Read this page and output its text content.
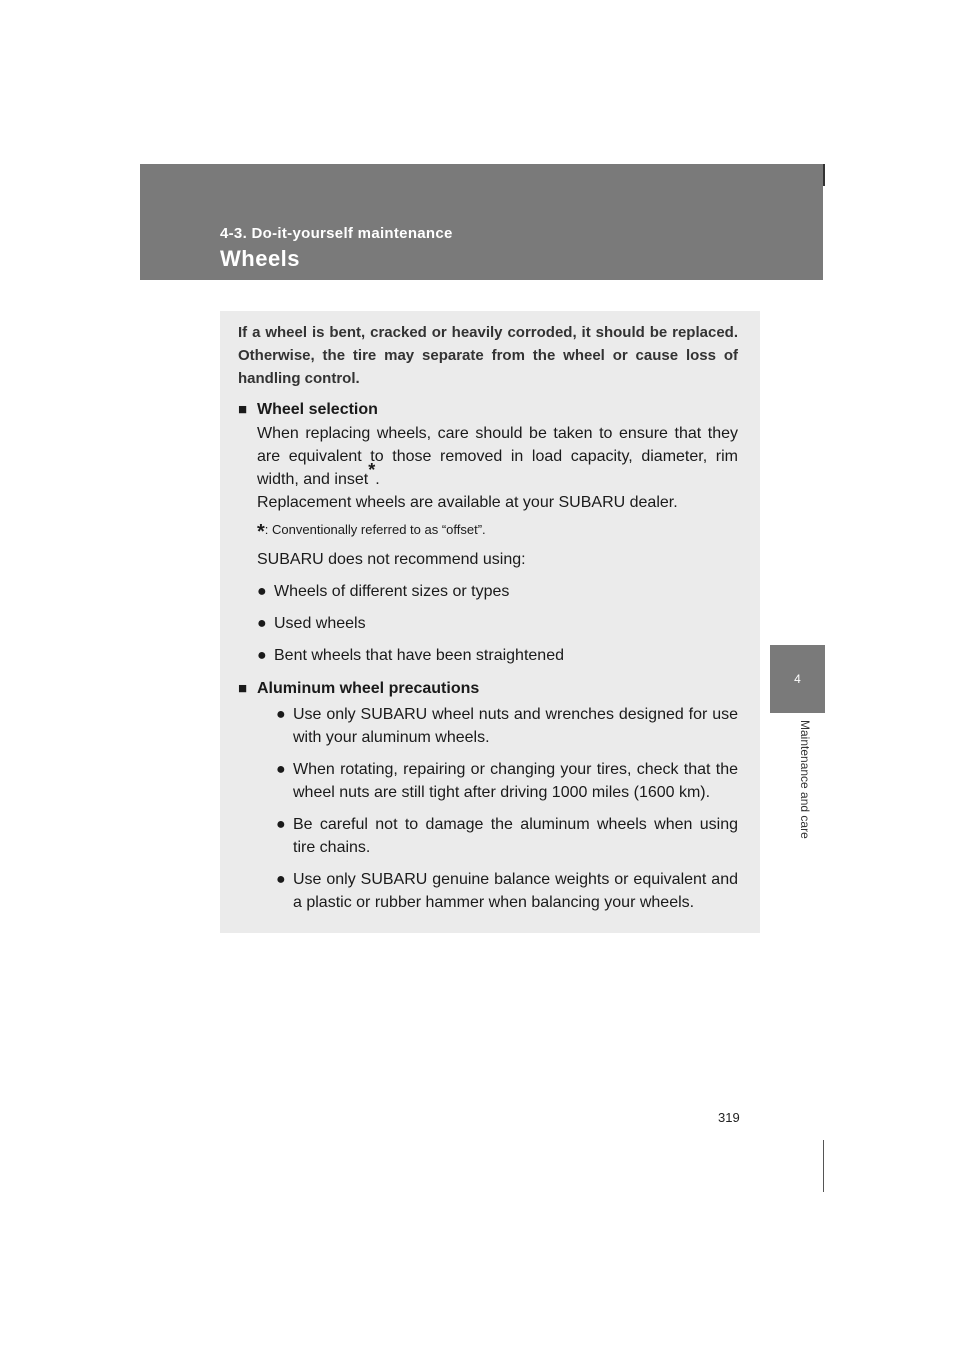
4-3. Do-it-yourself maintenance
Wheels
4
Maintenance and care

If a wheel is bent, cracked or heavily corroded, it should be replaced. Otherwise, the tire may separate from the wheel or cause loss of handling control.

■ Wheel selection
When replacing wheels, care should be taken to ensure that they are equivalent to those removed in load capacity, diameter, rim width, and inset*.
Replacement wheels are available at your SUBARU dealer.
*: Conventionally referred to as “offset”.
SUBARU does not recommend using:
● Wheels of different sizes or types
● Used wheels
● Bent wheels that have been straightened
■ Aluminum wheel precautions
● Use only SUBARU wheel nuts and wrenches designed for use with your aluminum wheels.
● When rotating, repairing or changing your tires, check that the wheel nuts are still tight after driving 1000 miles (1600 km).
● Be careful not to damage the aluminum wheels when using tire chains.
● Use only SUBARU genuine balance weights or equivalent and a plastic or rubber hammer when balancing your wheels.
319
